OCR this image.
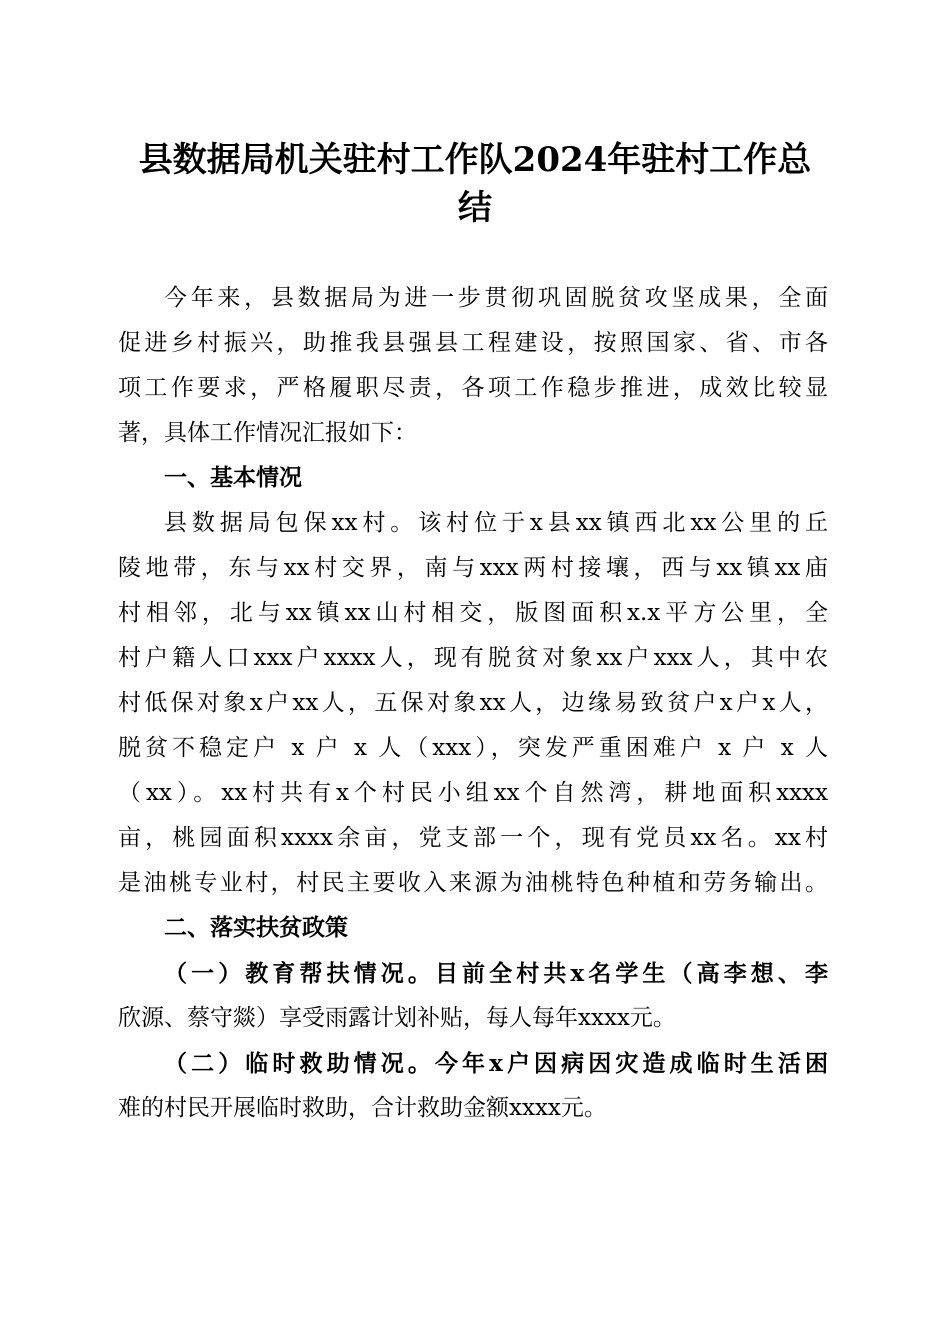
县数据局机关驻村工作队2024年驻村工作总
结
今年来，县数据局为进一步贯彻巩固脱贫攻坚成果，全面
促进乡村振兴，助推我县强县工程建设，按照国家、省、市各
项工作要求，严格履职尽责，各项工作稳步推进，成效比较显
著，具体工作情况汇报如下：
一、基本情况
县数据局包保xx村。该村位于x县xx镇西北xx公里的丘
陵地带，东与xx村交界，南与xxx两村接壤，西与xx镇xx庙
村相邻，北与xx镇xx山村相交，版图面积x.x平方公里，全
村户籍人口xxx户xxxx人，现有脱贫对象xx户xxx人，其中农
村低保对象x户xx人，五保对象xx人，边缘易致贫户x户x人，
脱贫不稳定户 x 户 x 人（xxx），突发严重困难户 x 户 x 人
（xx）。xx村共有x个村民小组xx个自然湾，耕地面积xxxx
亩，桃园面积xxxx余亩，党支部一个，现有党员xx名。xx村
是油桃专业村，村民主要收入来源为油桃特色种植和劳务输出。
二、落实扶贫政策
（一）教育帮扶情况。目前全村共x名学生（高李想、李
欣源、蔡守燚）享受雨露计划补贴，每人每年xxxx元。
（二）临时救助情况。今年x户因病因灾造成临时生活困
难的村民开展临时救助，合计救助金额xxxx元。
